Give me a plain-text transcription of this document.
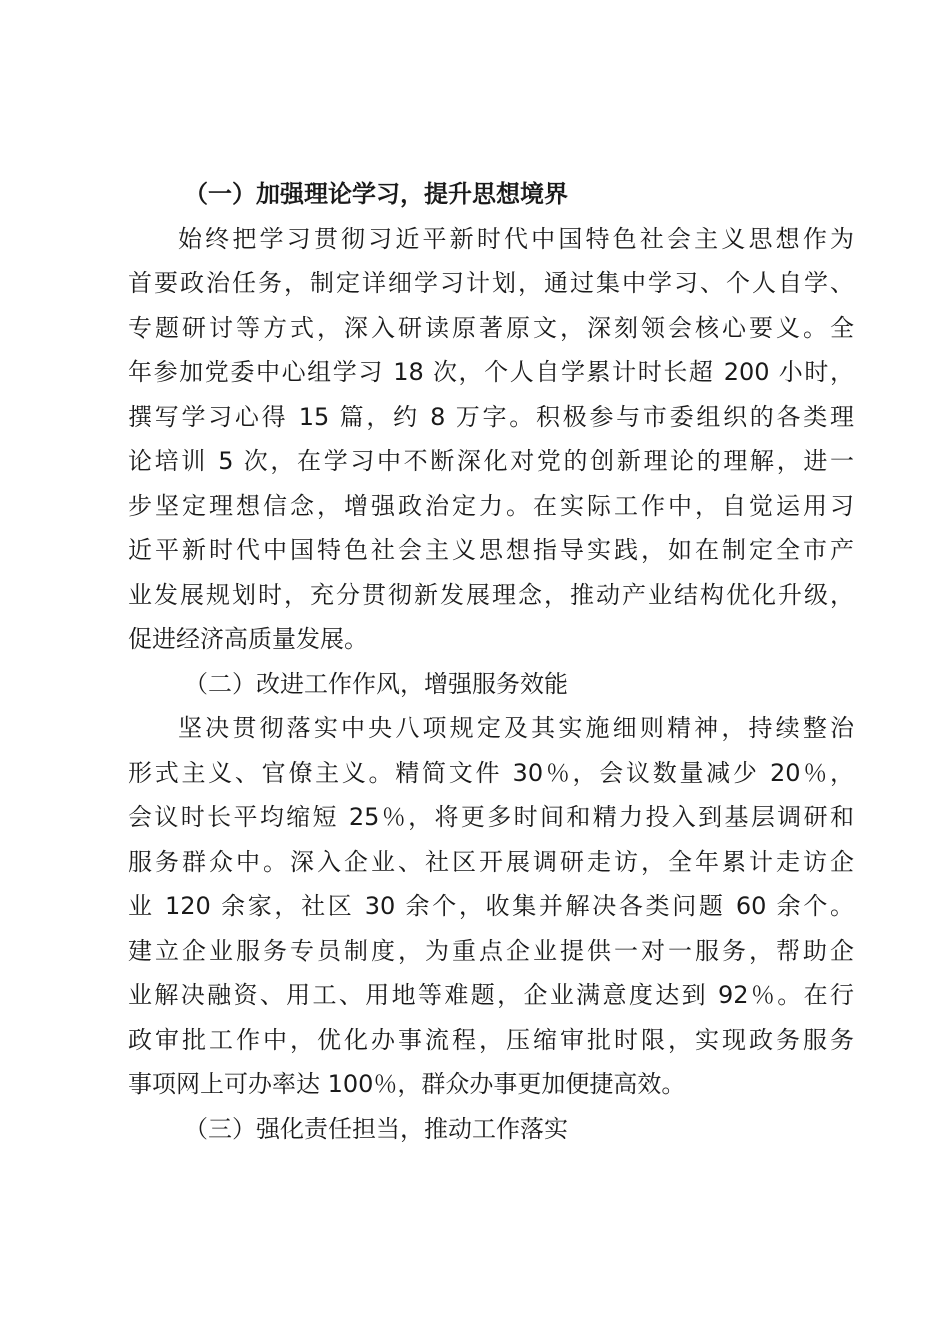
（一）加强理论学习，提升思想境界

始终把学习贯彻习近平新时代中国特色社会主义思想作为
首要政治任务，制定详细学习计划，通过集中学习、个人自学、
专题研讨等方式，深入研读原著原文，深刻领会核心要义。全
年参加党委中心组学习 18 次，个人自学累计时长超 200 小时，
撰写学习心得 15 篇，约 8 万字。积极参与市委组织的各类理
论培训 5 次，在学习中不断深化对党的创新理论的理解，进一
步坚定理想信念，增强政治定力。在实际工作中，自觉运用习
近平新时代中国特色社会主义思想指导实践，如在制定全市产
业发展规划时，充分贯彻新发展理念，推动产业结构优化升级，
促进经济高质量发展。

（二）改进工作作风，增强服务效能

坚决贯彻落实中央八项规定及其实施细则精神，持续整治
形式主义、官僚主义。精简文件 30％，会议数量减少 20％，
会议时长平均缩短 25％，将更多时间和精力投入到基层调研和
服务群众中。深入企业、社区开展调研走访，全年累计走访企
业 120 余家，社区 30 余个，收集并解决各类问题 60 余个。
建立企业服务专员制度，为重点企业提供一对一服务，帮助企
业解决融资、用工、用地等难题，企业满意度达到 92％。在行
政审批工作中，优化办事流程，压缩审批时限，实现政务服务
事项网上可办率达 100％，群众办事更加便捷高效。

（三）强化责任担当，推动工作落实
